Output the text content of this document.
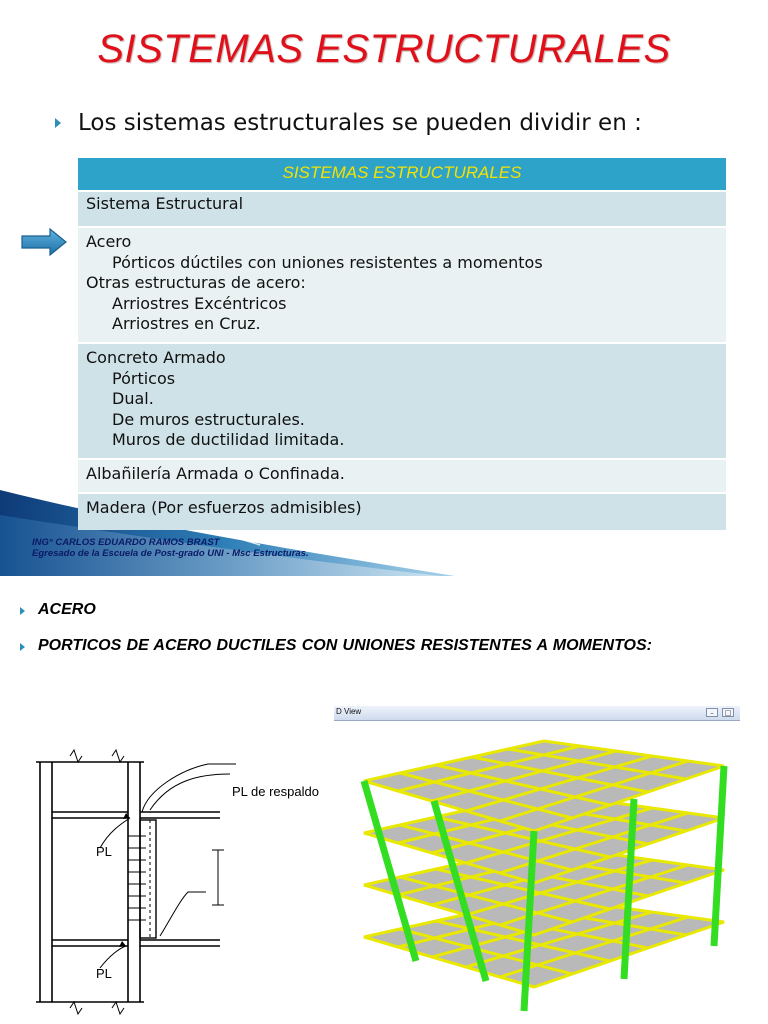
SISTEMAS ESTRUCTURALES
Los sistemas estructurales se pueden dividir en :
SISTEMAS ESTRUCTURALES
Sistema Estructural
Acero
Pórticos dúctiles con uniones resistentes a momentos
Otras estructuras de acero:
Arriostres Excéntricos
Arriostres en Cruz.
Concreto Armado
Pórticos
Dual.
De muros estructurales.
Muros de ductilidad limitada.
Albañilería Armada o Confinada.
Madera (Por esfuerzos admisibles)
ING° CARLOS EDUARDO RAMOS BRAST
Egresado de la Escuela de Post-grado UNI - Msc Estructuras.
ACERO
PORTICOS DE ACERO DUCTILES CON UNIONES RESISTENTES A MOMENTOS:
PL de respaldo
PL
PL
D View	–	□
